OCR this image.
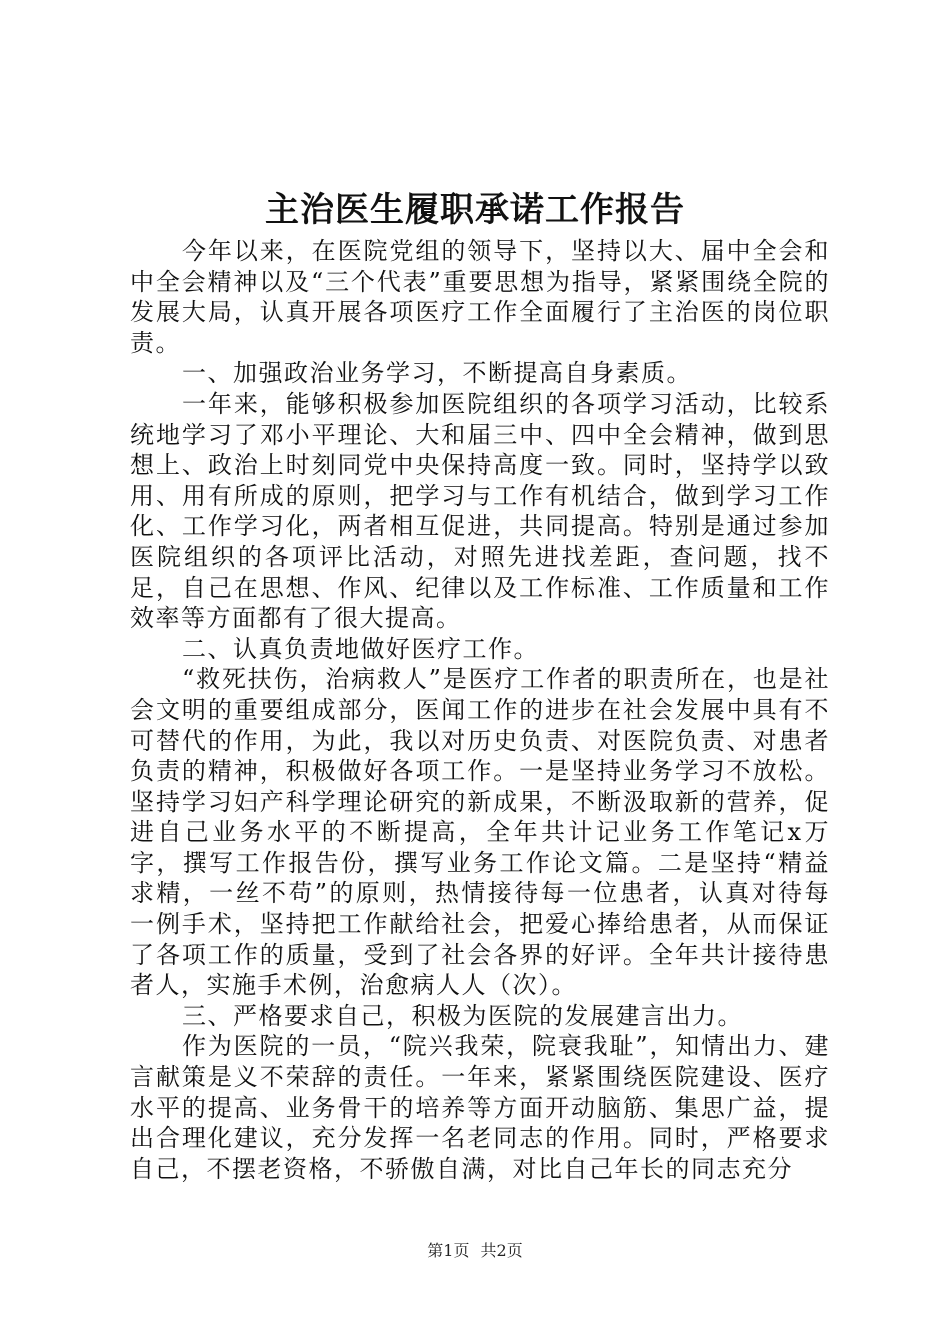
主治医生履职承诺工作报告

今年以来，在医院党组的领导下，坚持以大、届中全会和中全会精神以及“三个代表”重要思想为指导，紧紧围绕全院的发展大局，认真开展各项医疗工作全面履行了主治医的岗位职责。

一、加强政治业务学习，不断提高自身素质。

一年来，能够积极参加医院组织的各项学习活动，比较系统地学习了邓小平理论、大和届三中、四中全会精神，做到思想上、政治上时刻同党中央保持高度一致。同时，坚持学以致用、用有所成的原则，把学习与工作有机结合，做到学习工作化、工作学习化，两者相互促进，共同提高。特别是通过参加医院组织的各项评比活动，对照先进找差距，查问题，找不足，自己在思想、作风、纪律以及工作标准、工作质量和工作效率等方面都有了很大提高。

二、认真负责地做好医疗工作。

“救死扶伤，治病救人”是医疗工作者的职责所在，也是社会文明的重要组成部分，医闻工作的进步在社会发展中具有不可替代的作用，为此，我以对历史负责、对医院负责、对患者负责的精神，积极做好各项工作。一是坚持业务学习不放松。坚持学习妇产科学理论研究的新成果，不断汲取新的营养，促进自己业务水平的不断提高，全年共计记业务工作笔记x万字，撰写工作报告份，撰写业务工作论文篇。二是坚持“精益求精，一丝不苟”的原则，热情接待每一位患者，认真对待每一例手术，坚持把工作献给社会，把爱心捧给患者，从而保证了各项工作的质量，受到了社会各界的好评。全年共计接待患者人，实施手术例，治愈病人人（次）。

三、严格要求自己，积极为医院的发展建言出力。

作为医院的一员，“院兴我荣，院衰我耻”，知情出力、建言献策是义不荣辞的责任。一年来，紧紧围绕医院建设、医疗水平的提高、业务骨干的培养等方面开动脑筋、集思广益，提出合理化建议，充分发挥一名老同志的作用。同时，严格要求自己，不摆老资格，不骄傲自满，对比自己年长的同志充分

第1页 共2页
